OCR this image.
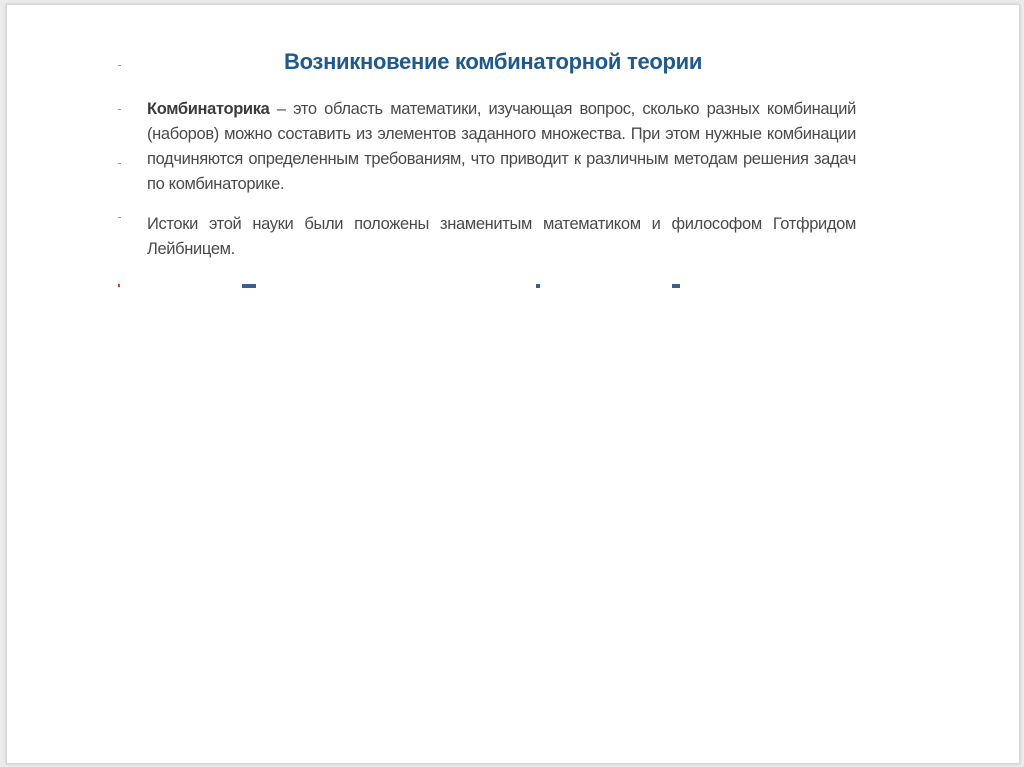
Возникновение комбинаторной теории

Комбинаторика – это область математики, изучающая вопрос, сколько разных комбинаций (наборов) можно составить из элементов заданного множества. При этом нужные комбинации подчиняются определенным требованиям, что приводит к различным методам решения задач по комбинаторике.

Истоки этой науки были положены знаменитым математиком и философом Готфридом Лейбницем.
